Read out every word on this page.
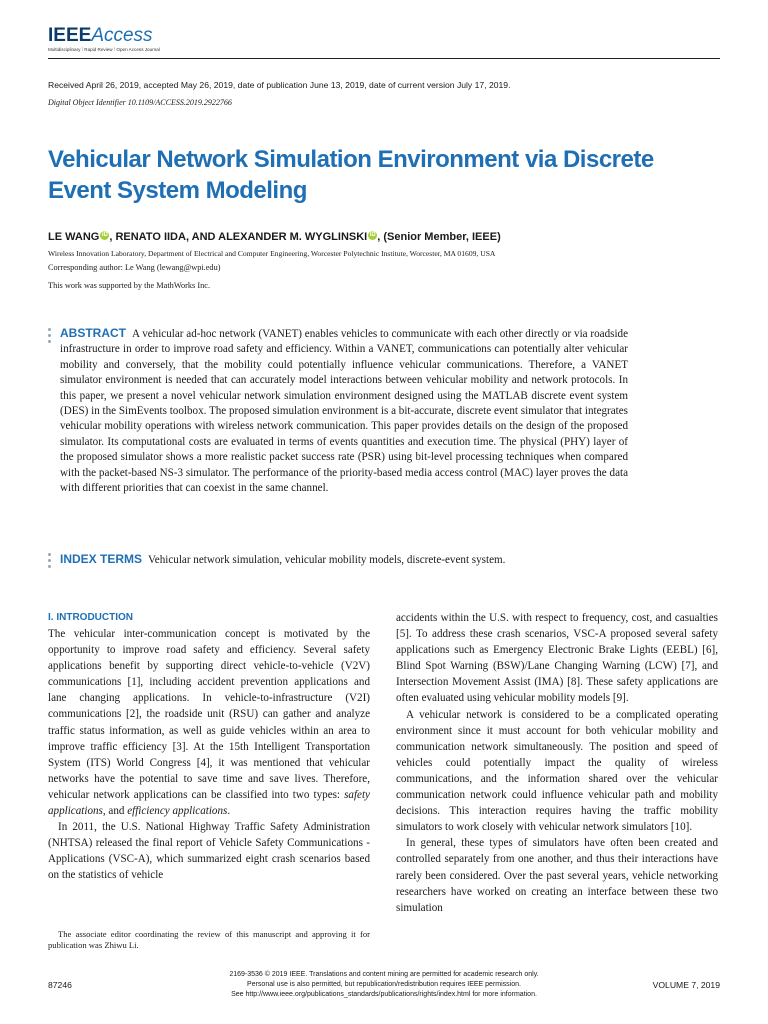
IEEEAccess
Multidisciplinary ⁞ Rapid Review ⁞ Open Access Journal
Received April 26, 2019, accepted May 26, 2019, date of publication June 13, 2019, date of current version July 17, 2019.
Digital Object Identifier 10.1109/ACCESS.2019.2922766
Vehicular Network Simulation Environment via Discrete Event System Modeling
LE WANG iD , RENATO IIDA, AND ALEXANDER M. WYGLINSKI iD , (Senior Member, IEEE)
Wireless Innovation Laboratory, Department of Electrical and Computer Engineering, Worcester Polytechnic Institute, Worcester, MA 01609, USA
Corresponding author: Le Wang (lewang@wpi.edu)
This work was supported by the MathWorks Inc.
ABSTRACT A vehicular ad-hoc network (VANET) enables vehicles to communicate with each other directly or via roadside infrastructure in order to improve road safety and efficiency. Within a VANET, communications can potentially alter vehicular mobility and conversely, that the mobility could potentially influence vehicular communications. Therefore, a VANET simulator environment is needed that can accurately model interactions between vehicular mobility and network protocols. In this paper, we present a novel vehicular network simulation environment designed using the MATLAB discrete event system (DES) in the SimEvents toolbox. The proposed simulation environment is a bit-accurate, discrete event simulator that integrates vehicular mobility operations with wireless network communication. This paper provides details on the design of the proposed simulator. Its computational costs are evaluated in terms of events quantities and execution time. The physical (PHY) layer of the proposed simulator shows a more realistic packet success rate (PSR) using bit-level processing techniques when compared with the packet-based NS-3 simulator. The performance of the priority-based media access control (MAC) layer proves the data with different priorities that can coexist in the same channel.
INDEX TERMS Vehicular network simulation, vehicular mobility models, discrete-event system.
I. INTRODUCTION

The vehicular inter-communication concept is motivated by the opportunity to improve road safety and efficiency. Several safety applications benefit by supporting direct vehicle-to-vehicle (V2V) communications [1], including accident prevention applications and lane changing applications. In vehicle-to-infrastructure (V2I) communications [2], the roadside unit (RSU) can gather and analyze traffic status information, as well as guide vehicles within an area to improve traffic efficiency [3]. At the 15th Intelligent Transportation System (ITS) World Congress [4], it was mentioned that vehicular networks have the potential to save time and save lives. Therefore, vehicular network applications can be classified into two types: safety applications, and efficiency applications.

In 2011, the U.S. National Highway Traffic Safety Administration (NHTSA) released the final report of Vehicle Safety Communications - Applications (VSC-A), which summarized eight crash scenarios based on the statistics of vehicle

The associate editor coordinating the review of this manuscript and approving it for publication was Zhiwu Li.

accidents within the U.S. with respect to frequency, cost, and casualties [5]. To address these crash scenarios, VSC-A proposed several safety applications such as Emergency Electronic Brake Lights (EEBL) [6], Blind Spot Warning (BSW)/Lane Changing Warning (LCW) [7], and Intersection Movement Assist (IMA) [8]. These safety applications are often evaluated using vehicular mobility models [9].

A vehicular network is considered to be a complicated operating environment since it must account for both vehicular mobility and communication network simultaneously. The position and speed of vehicles could potentially impact the quality of wireless communications, and the information shared over the vehicular communication network could influence vehicular path and mobility decisions. This interaction requires having the traffic mobility simulators to work closely with vehicular network simulators [10].

In general, these types of simulators have often been created and controlled separately from one another, and thus their interactions have rarely been considered. Over the past several years, vehicle networking researchers have worked on creating an interface between these two simulation

87246
2169-3536 © 2019 IEEE. Translations and content mining are permitted for academic research only.
Personal use is also permitted, but republication/redistribution requires IEEE permission.
See http://www.ieee.org/publications_standards/publications/rights/index.html for more information.
VOLUME 7, 2019
